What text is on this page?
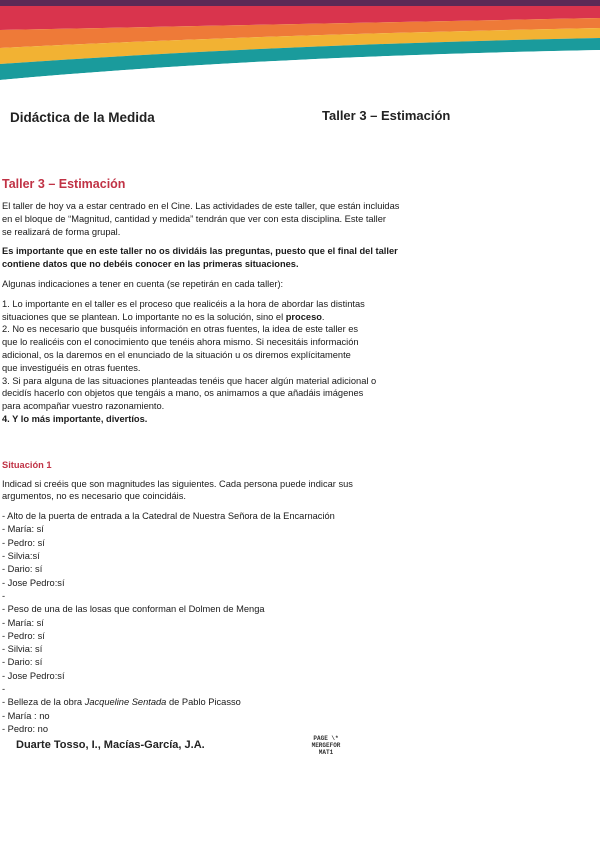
Didáctica de la Medida	Taller 3 – Estimación
Taller 3 – Estimación
El taller de hoy va a estar centrado en el Cine. Las actividades de este taller, que están incluidas
en el bloque de “Magnitud, cantidad y medida” tendrán que ver con esta disciplina. Este taller
se realizará de forma grupal.
Es importante que en este taller no os dividáis las preguntas, puesto que el final del taller
contiene datos que no debéis conocer en las primeras situaciones.
Algunas indicaciones a tener en cuenta (se repetirán en cada taller):
1. Lo importante en el taller es el proceso que realicéis a la hora de abordar las distintas
situaciones que se plantean. Lo importante no es la solución, sino el proceso.
2. No es necesario que busquéis información en otras fuentes, la idea de este taller es
que lo realicéis con el conocimiento que tenéis ahora mismo. Si necesitáis información
adicional, os la daremos en el enunciado de la situación u os diremos explícitamente
que investiguéis en otras fuentes.
3. Si para alguna de las situaciones planteadas tenéis que hacer algún material adicional o
decidís hacerlo con objetos que tengáis a mano, os animamos a que añadáis imágenes
para acompañar vuestro razonamiento.
4. Y lo más importante, divertíos.
Situación 1
Indicad si creéis que son magnitudes las siguientes. Cada persona puede indicar sus
argumentos, no es necesario que coincidáis.
- Alto de la puerta de entrada a la Catedral de Nuestra Señora de la Encarnación
- María: sí
- Pedro: sí
- Silvia:sí
- Dario: sí
- Jose Pedro:sí
-
- Peso de una de las losas que conforman el Dolmen de Menga
- María: sí
- Pedro: sí
- Silvia: sí
- Dario: sí
- Jose Pedro:sí
-
- Belleza de la obra Jacqueline Sentada de Pablo Picasso
- María : no
- Pedro: no
Duarte Tosso, I., Macías-García, J.A.
PAGE \*
MERGEFOR
MAT1
